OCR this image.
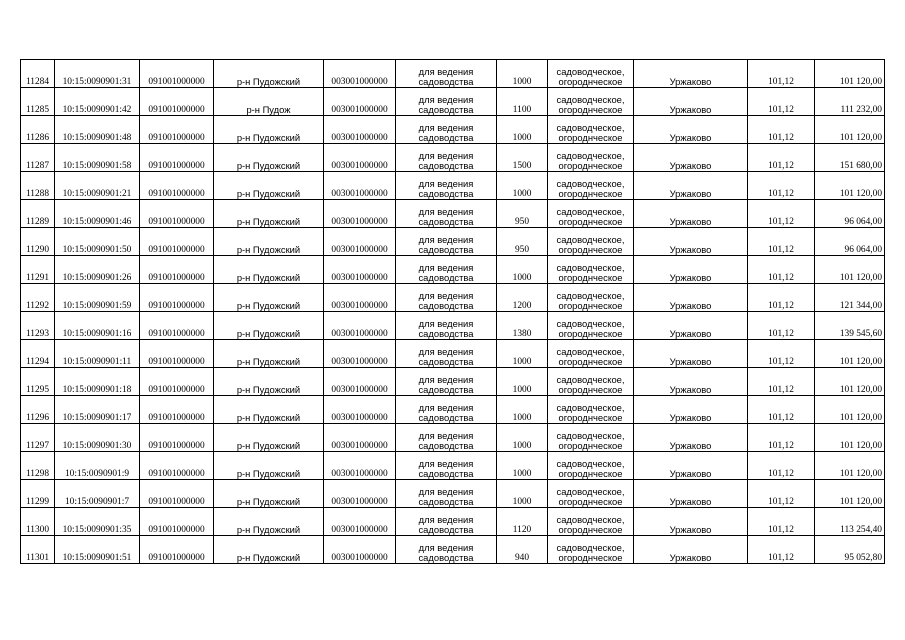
11284	10:15:0090901:31	091001000000	р-н Пудожский	003001000000	для ведения
садоводства	1000	садоводческое,
огороднческое	Уржаково	101,12	101 120,00
11285	10:15:0090901:42	091001000000	р-н Пудож	003001000000	для ведения
садоводства	1100	садоводческое,
огороднческое	Уржаково	101,12	111 232,00
11286	10:15:0090901:48	091001000000	р-н Пудожский	003001000000	для ведения
садоводства	1000	садоводческое,
огороднческое	Уржаково	101,12	101 120,00
11287	10:15:0090901:58	091001000000	р-н Пудожский	003001000000	для ведения
садоводства	1500	садоводческое,
огороднческое	Уржаково	101,12	151 680,00
11288	10:15:0090901:21	091001000000	р-н Пудожский	003001000000	для ведения
садоводства	1000	садоводческое,
огороднческое	Уржаково	101,12	101 120,00
11289	10:15:0090901:46	091001000000	р-н Пудожский	003001000000	для ведения
садоводства	950	садоводческое,
огороднческое	Уржаково	101,12	96 064,00
11290	10:15:0090901:50	091001000000	р-н Пудожский	003001000000	для ведения
садоводства	950	садоводческое,
огороднческое	Уржаково	101,12	96 064,00
11291	10:15:0090901:26	091001000000	р-н Пудожский	003001000000	для ведения
садоводства	1000	садоводческое,
огороднческое	Уржаково	101,12	101 120,00
11292	10:15:0090901:59	091001000000	р-н Пудожский	003001000000	для ведения
садоводства	1200	садоводческое,
огороднческое	Уржаково	101,12	121 344,00
11293	10:15:0090901:16	091001000000	р-н Пудожский	003001000000	для ведения
садоводства	1380	садоводческое,
огороднческое	Уржаково	101,12	139 545,60
11294	10:15:0090901:11	091001000000	р-н Пудожский	003001000000	для ведения
садоводства	1000	садоводческое,
огороднческое	Уржаково	101,12	101 120,00
11295	10:15:0090901:18	091001000000	р-н Пудожский	003001000000	для ведения
садоводства	1000	садоводческое,
огороднческое	Уржаково	101,12	101 120,00
11296	10:15:0090901:17	091001000000	р-н Пудожский	003001000000	для ведения
садоводства	1000	садоводческое,
огороднческое	Уржаково	101,12	101 120,00
11297	10:15:0090901:30	091001000000	р-н Пудожский	003001000000	для ведения
садоводства	1000	садоводческое,
огороднческое	Уржаково	101,12	101 120,00
11298	10:15:0090901:9	091001000000	р-н Пудожский	003001000000	для ведения
садоводства	1000	садоводческое,
огороднческое	Уржаково	101,12	101 120,00
11299	10:15:0090901:7	091001000000	р-н Пудожский	003001000000	для ведения
садоводства	1000	садоводческое,
огороднческое	Уржаково	101,12	101 120,00
11300	10:15:0090901:35	091001000000	р-н Пудожский	003001000000	для ведения
садоводства	1120	садоводческое,
огороднческое	Уржаково	101,12	113 254,40
11301	10:15:0090901:51	091001000000	р-н Пудожский	003001000000	для ведения
садоводства	940	садоводческое,
огороднческое	Уржаково	101,12	95 052,80
